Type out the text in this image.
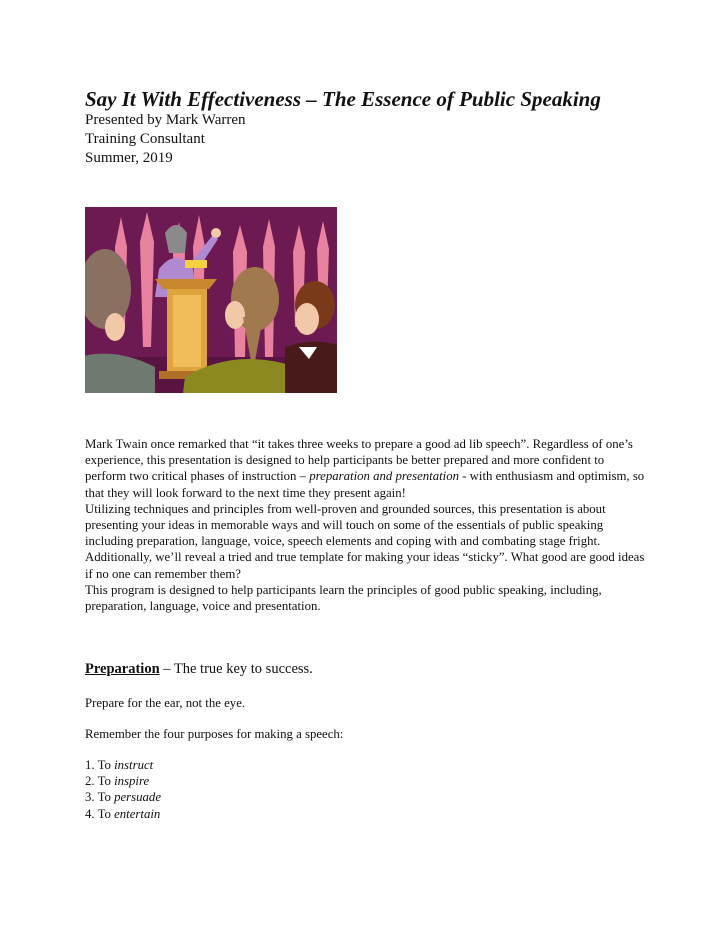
Say It With Effectiveness – The Essence of Public Speaking
Presented by Mark Warren
Training Consultant
Summer, 2019

Mark Twain once remarked that “it takes three weeks to prepare a good ad lib speech”. Regardless of one’s experience, this presentation is designed to help participants be better prepared and more confident to perform two critical phases of instruction – preparation and presentation - with enthusiasm and optimism, so that they will look forward to the next time they present again!

Utilizing techniques and principles from well-proven and grounded sources, this presentation is about presenting your ideas in memorable ways and will touch on some of the essentials of public speaking including preparation, language, voice, speech elements and coping with and combating stage fright.

Additionally, we’ll reveal a tried and true template for making your ideas “sticky”. What good are good ideas if no one can remember them?

This program is designed to help participants learn the principles of good public speaking, including, preparation, language, voice and presentation.

Preparation – The true key to success.
Prepare for the ear, not the eye.
Remember the four purposes for making a speech:
1. To instruct
2. To inspire
3. To persuade
4. To entertain
